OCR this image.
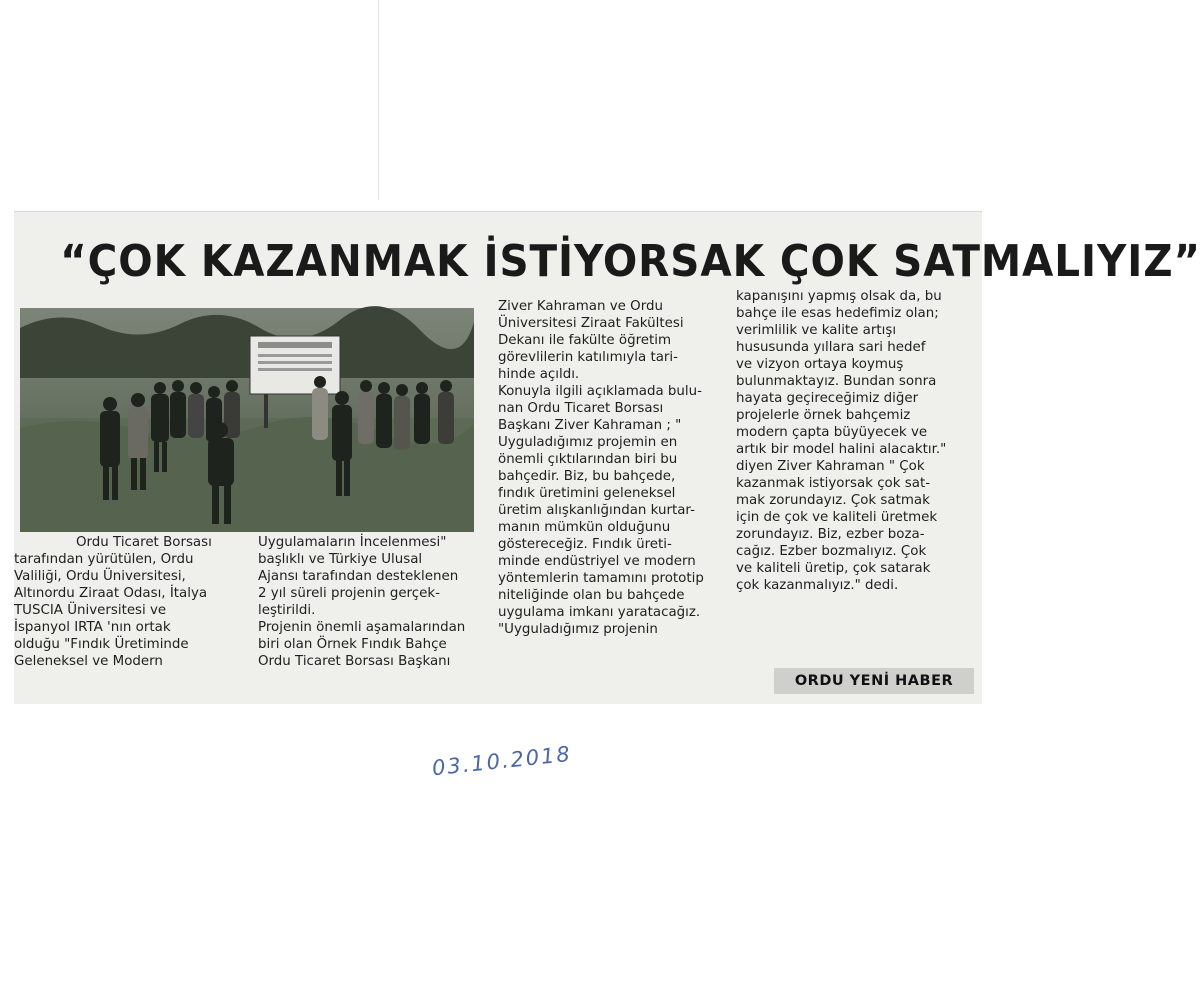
“ÇOK KAZANMAK İSTİYORSAK ÇOK SATMALIYIZ”
Ordu Ticaret Borsası
tarafından yürütülen, Ordu
Valiliği, Ordu Üniversitesi,
Altınordu Ziraat Odası, İtalya
TUSCIA Üniversitesi ve
İspanyol IRTA 'nın ortak
olduğu "Fındık Üretiminde
Geleneksel ve Modern
Uygulamaların İncelenmesi"
başlıklı ve Türkiye Ulusal
Ajansı tarafından desteklenen
2 yıl süreli projenin gerçek-
leştirildi.
Projenin önemli aşamalarından
biri olan Örnek Fındık Bahçe
Ordu Ticaret Borsası Başkanı
Ziver Kahraman ve Ordu
Üniversitesi Ziraat Fakültesi
Dekanı ile fakülte öğretim
görevlilerin katılımıyla tari-
hinde açıldı.
Konuyla ilgili açıklamada bulu-
nan Ordu Ticaret Borsası
Başkanı Ziver Kahraman ; "
Uyguladığımız projemin en
önemli çıktılarından biri bu
bahçedir. Biz, bu bahçede,
fındık üretimini geleneksel
üretim alışkanlığından kurtar-
manın mümkün olduğunu
göstereceğiz. Fındık üreti-
minde endüstriyel ve modern
yöntemlerin tamamını prototip
niteliğinde olan bu bahçede
uygulama imkanı yaratacağız.
"Uyguladığımız projenin
kapanışını yapmış olsak da, bu
bahçe ile esas hedefimiz olan;
verimlilik ve kalite artışı
hususunda yıllara sari hedef
ve vizyon ortaya koymuş
bulunmaktayız. Bundan sonra
hayata geçireceğimiz diğer
projelerle örnek bahçemiz
modern çapta büyüyecek ve
artık bir model halini alacaktır."
diyen Ziver Kahraman " Çok
kazanmak istiyorsak çok sat-
mak zorundayız. Çok satmak
için de çok ve kaliteli üretmek
zorundayız. Biz, ezber boza-
cağız. Ezber bozmalıyız. Çok
ve kaliteli üretip, çok satarak
çok kazanmalıyız." dedi.
ORDU YENİ HABER
03.10.2018
